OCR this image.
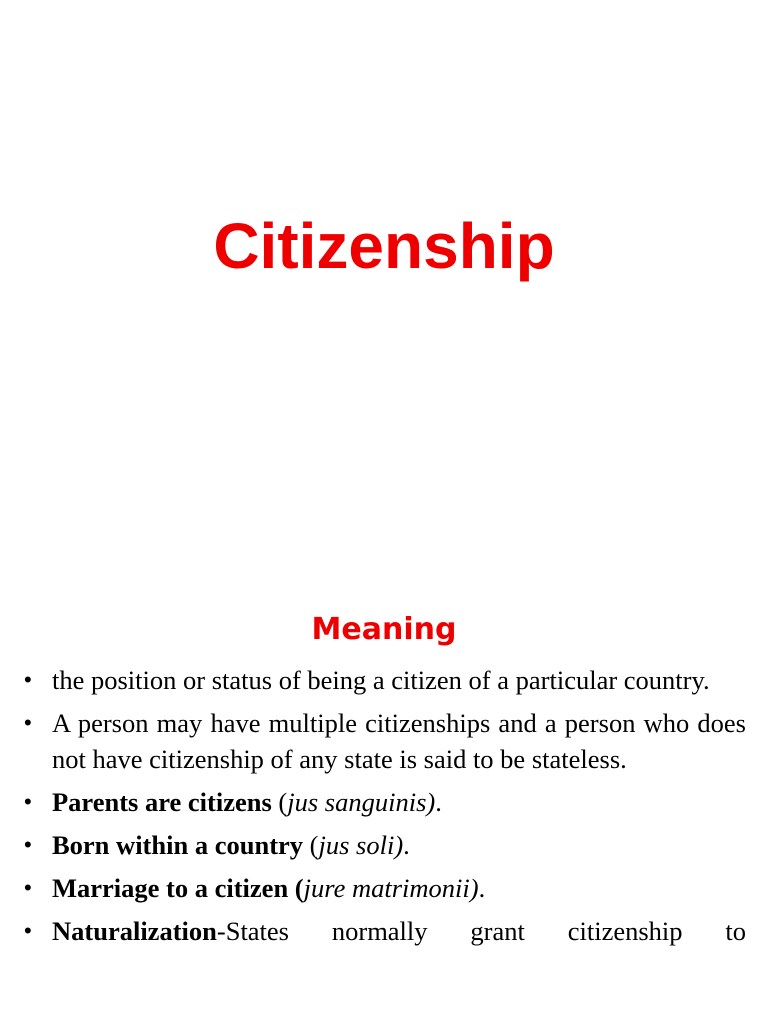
Citizenship
Meaning
• the position or status of being a citizen of a particular country.
• A person may have multiple citizenships and a person who does not have citizenship of any state is said to be stateless.
• Parents are citizens (jus sanguinis).
• Born within a country (jus soli).
• Marriage to a citizen (jure matrimonii).
• Naturalization-States normally grant citizenship to
